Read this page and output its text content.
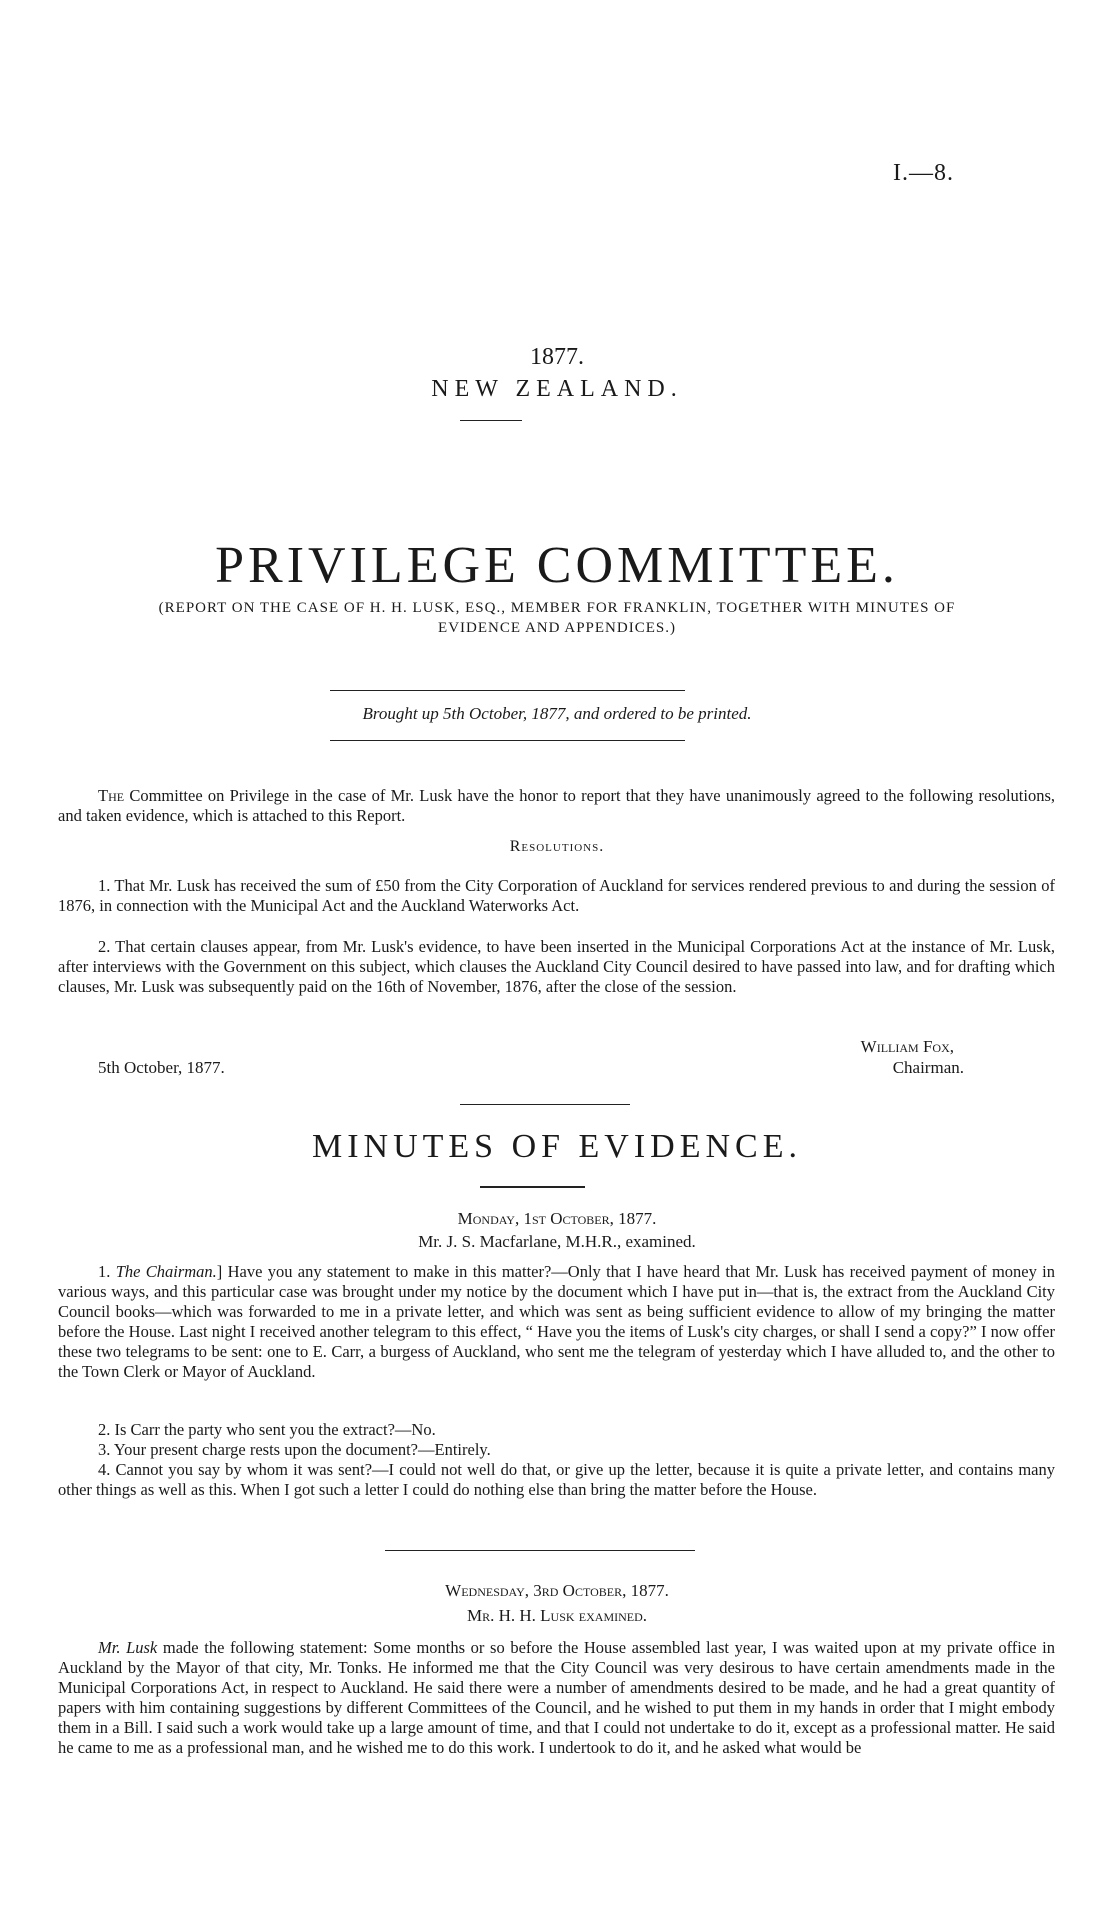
I.—8.
1877.
NEW ZEALAND.
PRIVILEGE COMMITTEE.
(REPORT ON THE CASE OF H. H. LUSK, ESQ., MEMBER FOR FRANKLIN, TOGETHER WITH MINUTES OF EVIDENCE AND APPENDICES.)
Brought up 5th October, 1877, and ordered to be printed.

The Committee on Privilege in the case of Mr. Lusk have the honor to report that they have unanimously agreed to the following resolutions, and taken evidence, which is attached to this Report.

Resolutions.

1. That Mr. Lusk has received the sum of £50 from the City Corporation of Auckland for services rendered previous to and during the session of 1876, in connection with the Municipal Act and the Auckland Waterworks Act.

2. That certain clauses appear, from Mr. Lusk's evidence, to have been inserted in the Municipal Corporations Act at the instance of Mr. Lusk, after interviews with the Government on this subject, which clauses the Auckland City Council desired to have passed into law, and for drafting which clauses, Mr. Lusk was subsequently paid on the 16th of November, 1876, after the close of the session.

William Fox,
Chairman.
5th October, 1877.
MINUTES OF EVIDENCE.
Monday, 1st October, 1877.
Mr. J. S. Macfarlane, M.H.R., examined.

1. The Chairman.] Have you any statement to make in this matter?—Only that I have heard that Mr. Lusk has received payment of money in various ways, and this particular case was brought under my notice by the document which I have put in—that is, the extract from the Auckland City Council books—which was forwarded to me in a private letter, and which was sent as being sufficient evidence to allow of my bringing the matter before the House. Last night I received another telegram to this effect, “ Have you the items of Lusk's city charges, or shall I send a copy?” I now offer these two telegrams to be sent: one to E. Carr, a burgess of Auckland, who sent me the telegram of yesterday which I have alluded to, and the other to the Town Clerk or Mayor of Auckland.

2. Is Carr the party who sent you the extract?—No.

3. Your present charge rests upon the document?—Entirely.

4. Cannot you say by whom it was sent?—I could not well do that, or give up the letter, because it is quite a private letter, and contains many other things as well as this. When I got such a letter I could do nothing else than bring the matter before the House.

Wednesday, 3rd October, 1877.
Mr. H. H. Lusk examined.

Mr. Lusk made the following statement: Some months or so before the House assembled last year, I was waited upon at my private office in Auckland by the Mayor of that city, Mr. Tonks. He informed me that the City Council was very desirous to have certain amendments made in the Municipal Corporations Act, in respect to Auckland. He said there were a number of amendments desired to be made, and he had a great quantity of papers with him containing suggestions by different Committees of the Council, and he wished to put them in my hands in order that I might embody them in a Bill. I said such a work would take up a large amount of time, and that I could not undertake to do it, except as a professional matter. He said he came to me as a professional man, and he wished me to do this work. I undertook to do it, and he asked what would be
